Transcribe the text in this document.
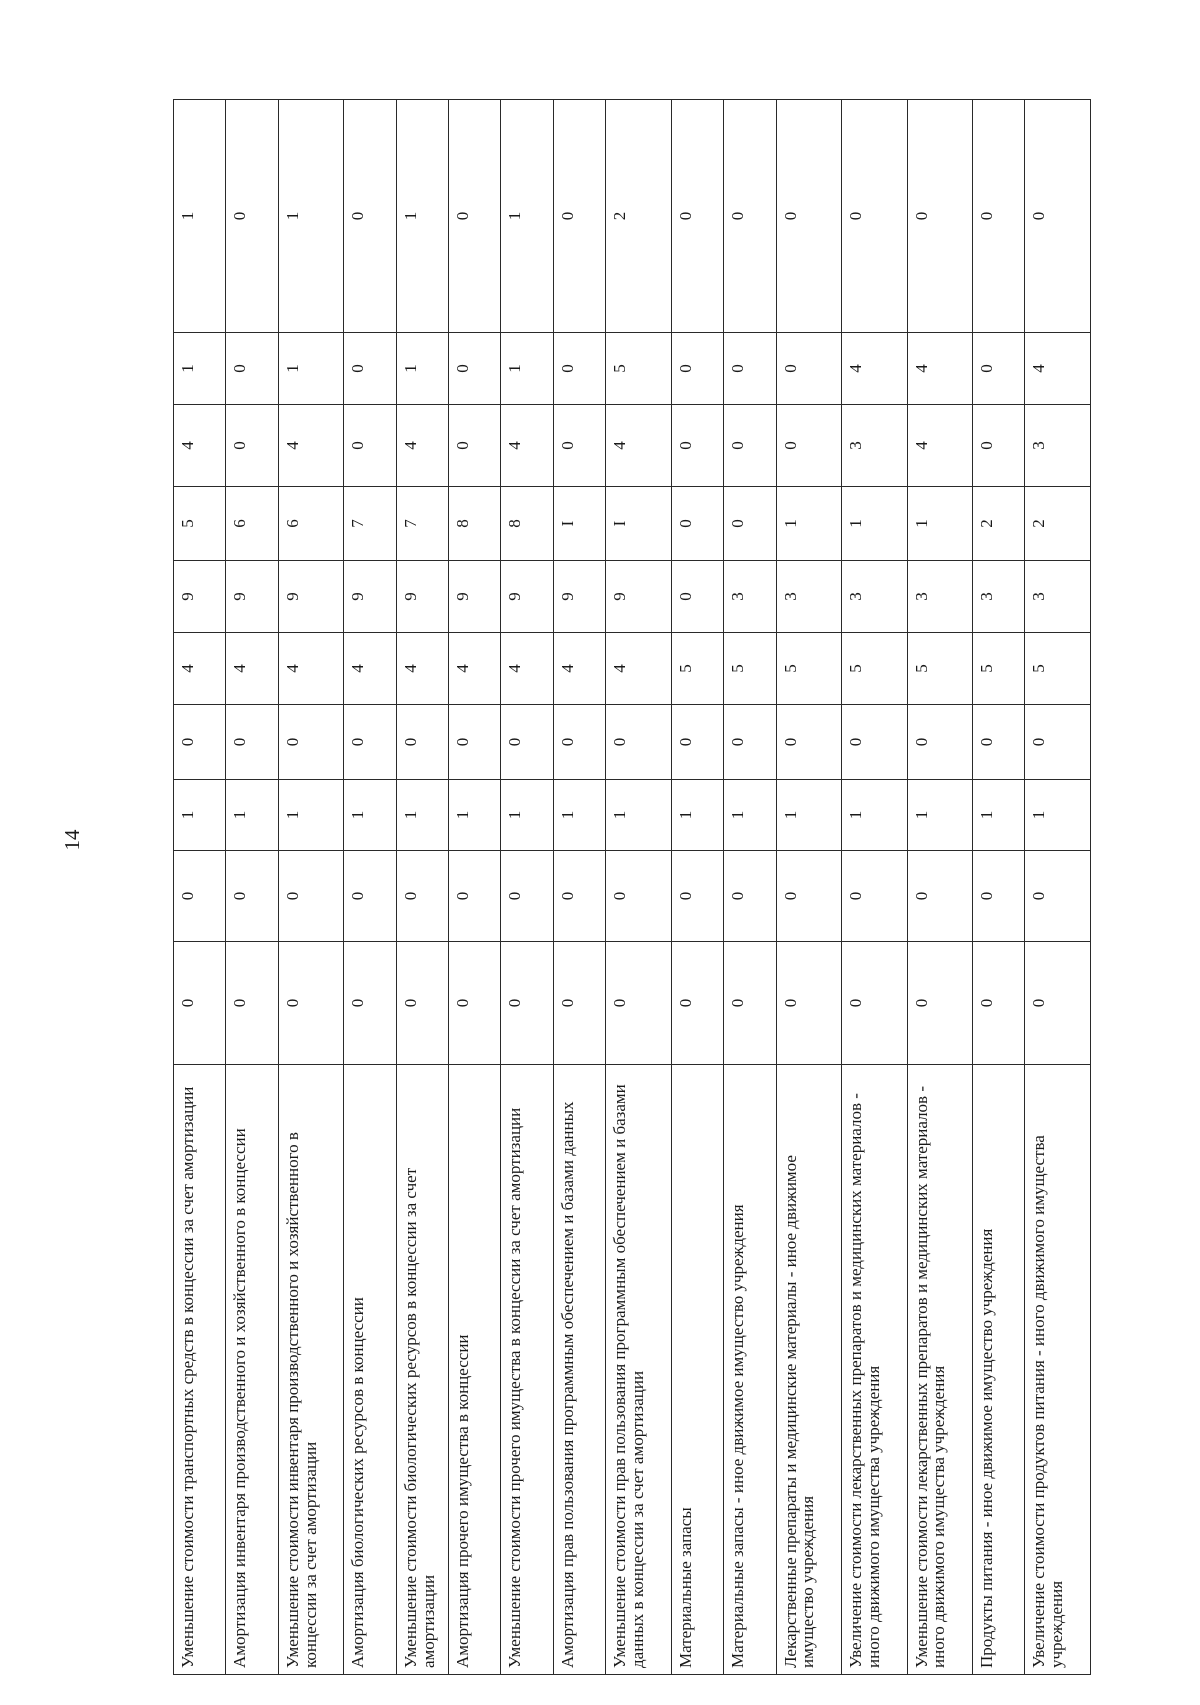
14
Уменьшение стоимости транспортных средств в концессии за счет амортизации	0	0	1	0	4	9	5	4	1	1
Амортизация инвентаря производственного и хозяйственного в концессии	0	0	1	0	4	9	6	0	0	0
Уменьшение стоимости инвентаря производственного и хозяйственного в концессии за счет амортизации	0	0	1	0	4	9	6	4	1	1
Амортизация биологических ресурсов в концессии	0	0	1	0	4	9	7	0	0	0
Уменьшение стоимости биологических ресурсов в концессии за счет амортизации	0	0	1	0	4	9	7	4	1	1
Амортизация прочего имущества в концессии	0	0	1	0	4	9	8	0	0	0
Уменьшение стоимости прочего имущества в концессии за счет амортизации	0	0	1	0	4	9	8	4	1	1
Амортизация прав пользования программным обеспечением и базами данных	0	0	1	0	4	9	I	0	0	0
Уменьшение стоимости прав пользования программным обеспечением и базами данных в концессии за счет амортизации	0	0	1	0	4	9	I	4	5	2
Материальные запасы	0	0	1	0	5	0	0	0	0	0
Материальные запасы - иное движимое имущество учреждения	0	0	1	0	5	3	0	0	0	0
Лекарственные препараты и медицинские материалы - иное движимое имущество учреждения	0	0	1	0	5	3	1	0	0	0
Увеличение стоимости лекарственных препаратов и медицинских материалов - иного движимого имущества учреждения	0	0	1	0	5	3	1	3	4	0
Уменьшение стоимости лекарственных препаратов и медицинских материалов - иного движимого имущества учреждения	0	0	1	0	5	3	1	4	4	0
Продукты питания - иное движимое имущество учреждения	0	0	1	0	5	3	2	0	0	0
Увеличение стоимости продуктов питания - иного движимого имущества учреждения	0	0	1	0	5	3	2	3	4	0
